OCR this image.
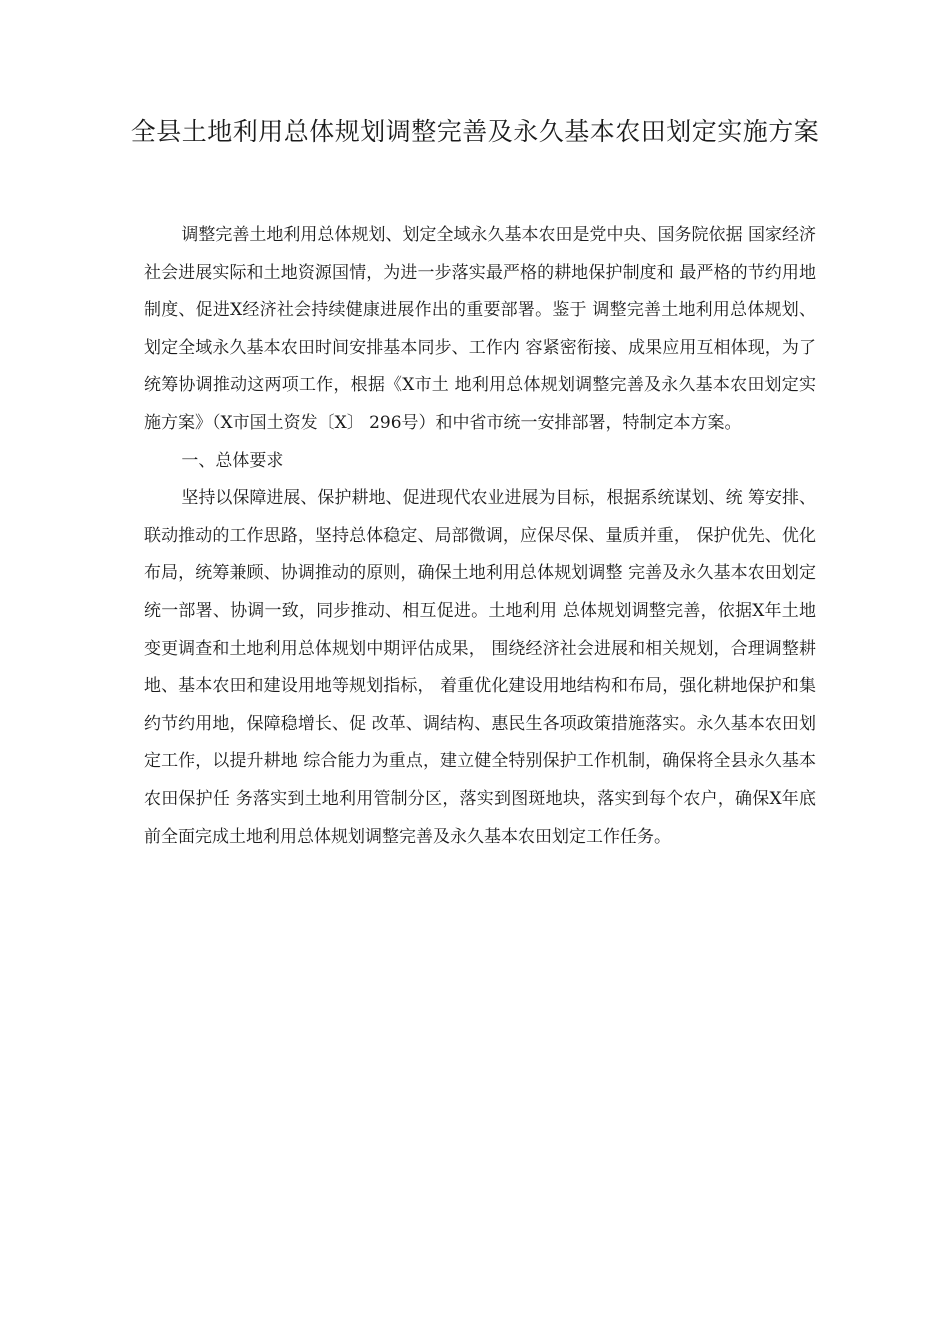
全县土地利用总体规划调整完善及永久基本农田划定实施方案

调整完善土地利用总体规划、划定全域永久基本农田是党中央、国务院依据 国家经济社会进展实际和土地资源国情，为进一步落实最严格的耕地保护制度和 最严格的节约用地制度、促进X经济社会持续健康进展作出的重要部署。鉴于 调整完善土地利用总体规划、划定全域永久基本农田时间安排基本同步、工作内 容紧密衔接、成果应用互相体现，为了统筹协调推动这两项工作，根据《X市土 地利用总体规划调整完善及永久基本农田划定实施方案》（X市国土资发〔X〕 296号）和中省市统一安排部署，特制定本方案。

一、总体要求

坚持以保障进展、保护耕地、促进现代农业进展为目标，根据系统谋划、统 筹安排、联动推动的工作思路，坚持总体稳定、局部微调，应保尽保、量质并重， 保护优先、优化布局，统筹兼顾、协调推动的原则，确保土地利用总体规划调整 完善及永久基本农田划定统一部署、协调一致，同步推动、相互促进。土地利用 总体规划调整完善，依据X年土地变更调查和土地利用总体规划中期评估成果， 围绕经济社会进展和相关规划，合理调整耕地、基本农田和建设用地等规划指标， 着重优化建设用地结构和布局，强化耕地保护和集约节约用地，保障稳增长、促 改革、调结构、惠民生各项政策措施落实。永久基本农田划定工作，以提升耕地 综合能力为重点，建立健全特别保护工作机制，确保将全县永久基本农田保护任 务落实到土地利用管制分区，落实到图斑地块，落实到每个农户，确保X年底 前全面完成土地利用总体规划调整完善及永久基本农田划定工作任务。
